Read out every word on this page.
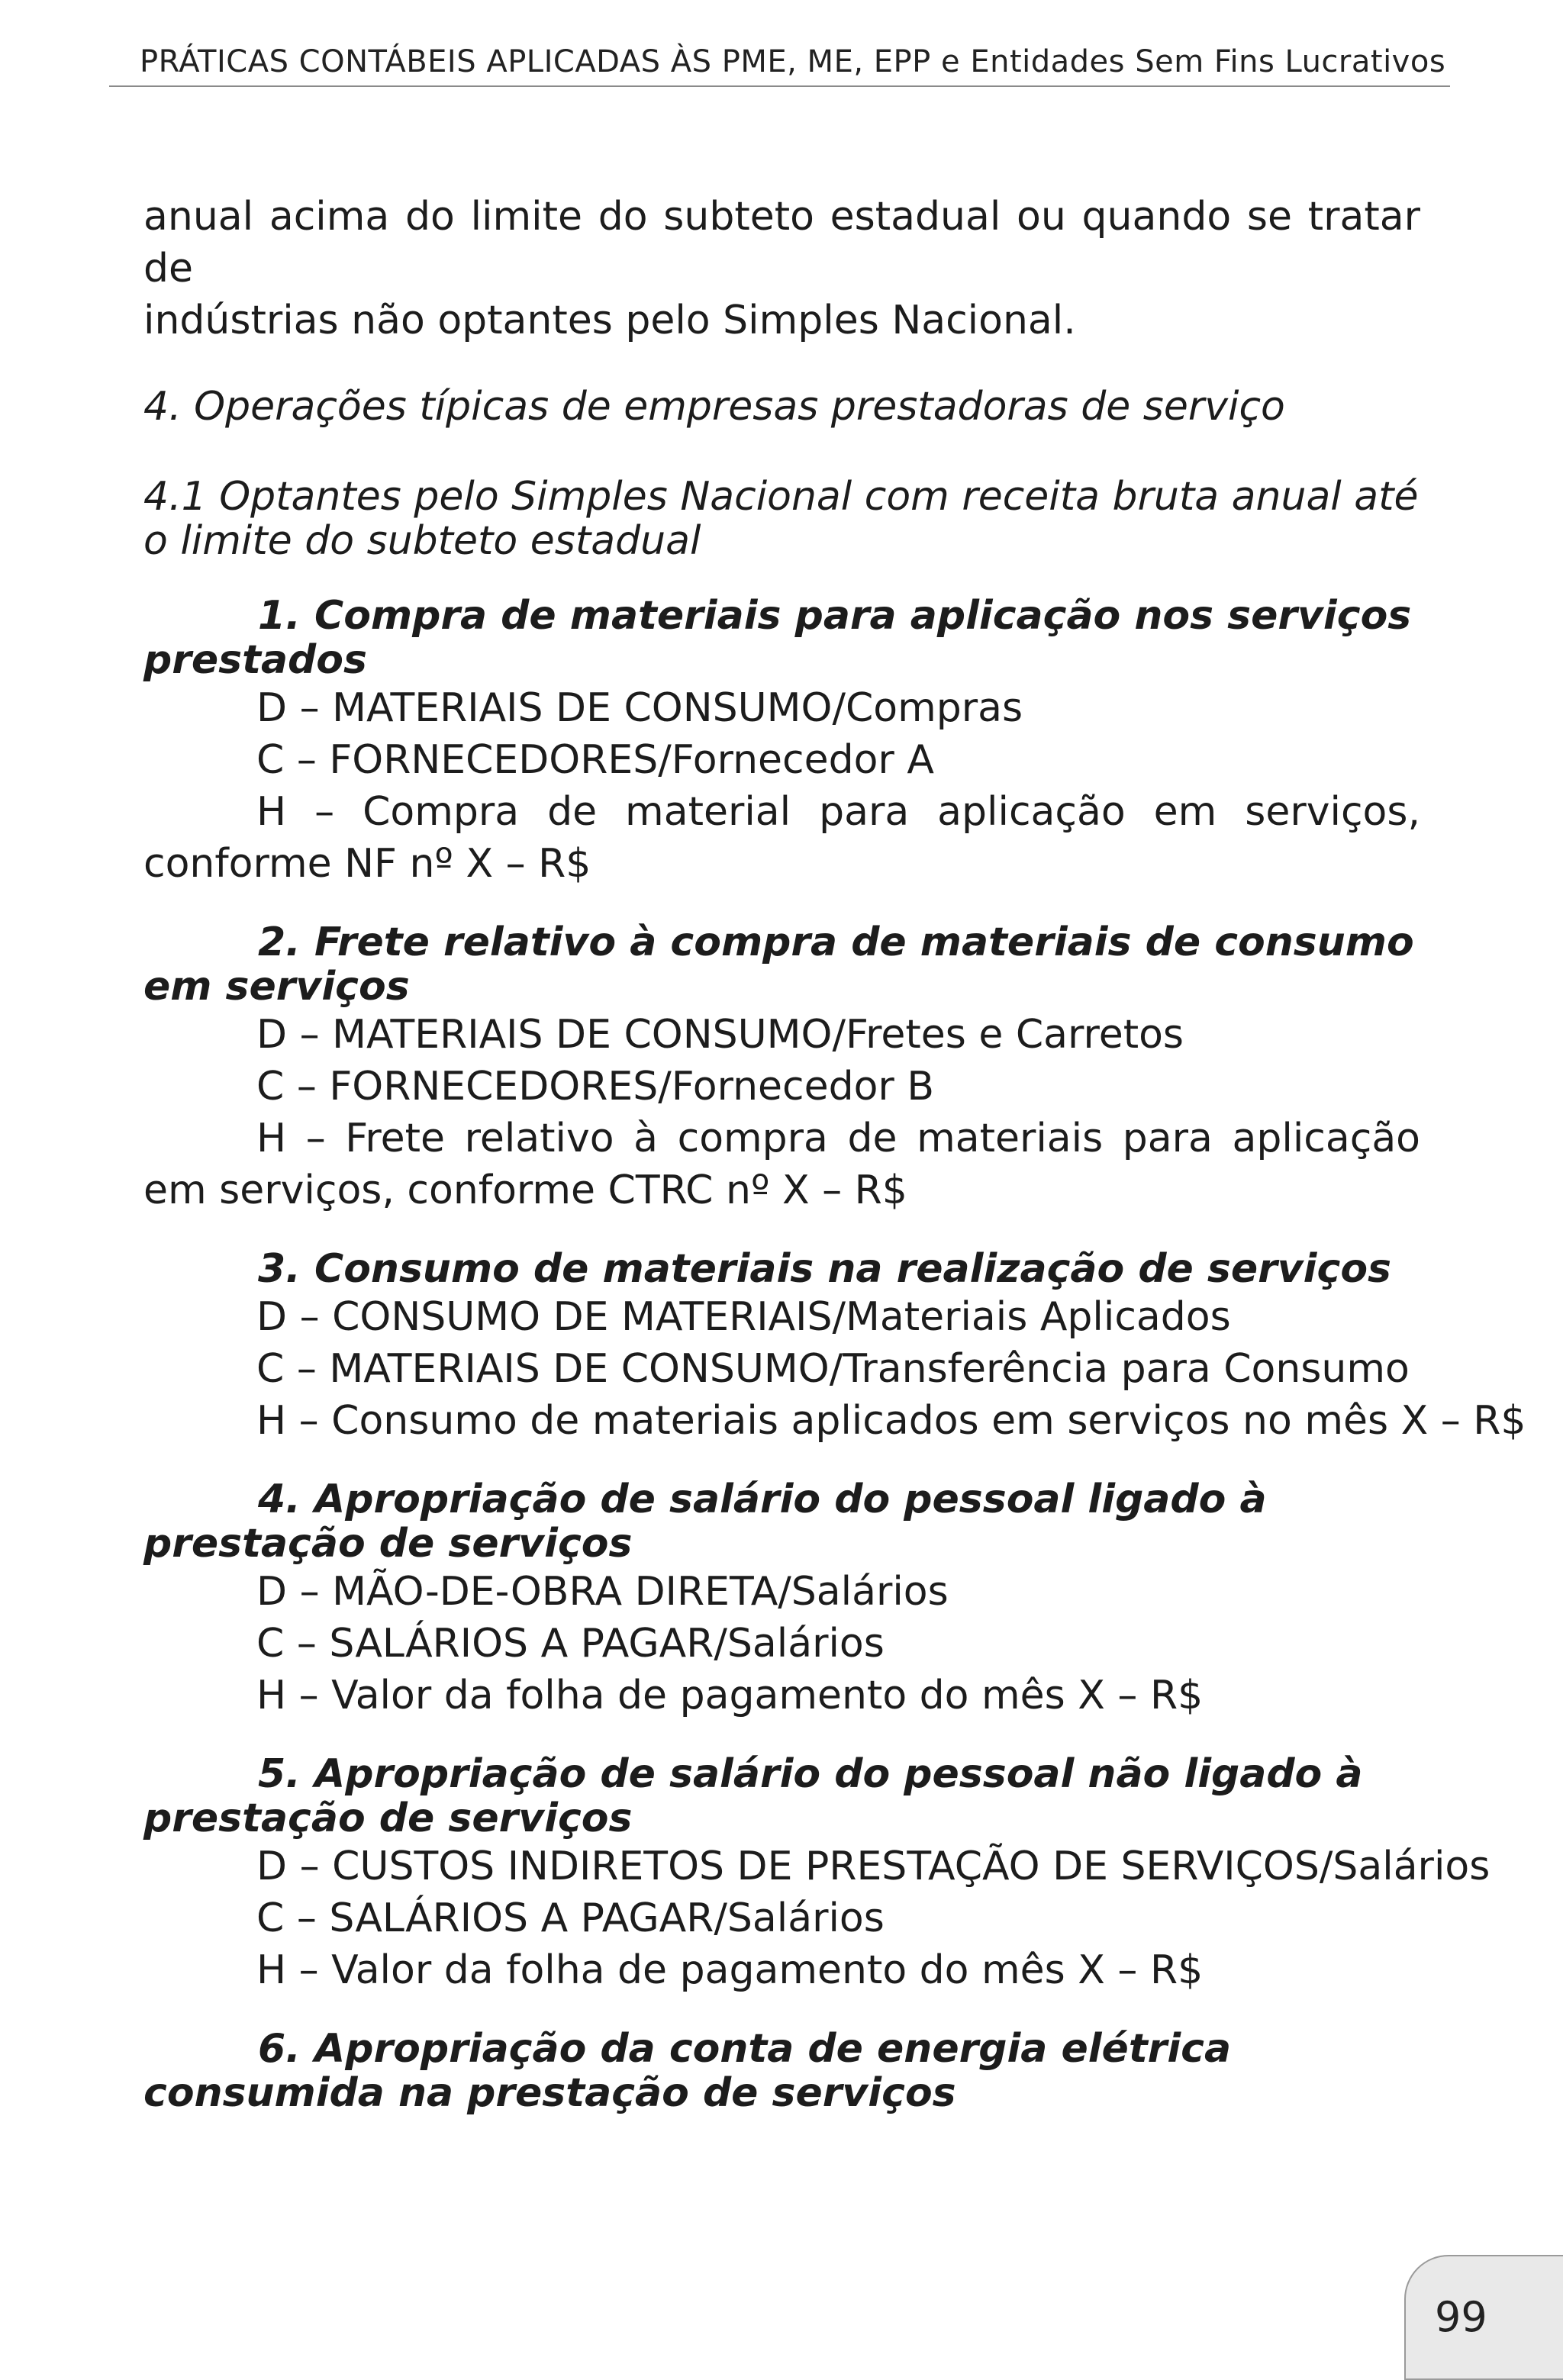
PRÁTICAS CONTÁBEIS APLICADAS ÀS PME, ME, EPP e Entidades Sem Fins Lucrativos

anual acima do limite do subteto estadual ou quando se tratar de

indústrias não optantes pelo Simples Nacional.

4. Operações típicas de empresas prestadoras de serviço

4.1 Optantes pelo Simples Nacional com receita bruta anual até o limite do subteto estadual

1. Compra de materiais para aplicação nos serviços prestados

D – MATERIAIS DE CONSUMO/Compras

C – FORNECEDORES/Fornecedor A

H – Compra de material para aplicação em serviços, conforme NF nº X – R$

2. Frete relativo à compra de materiais de consumo em serviços

D – MATERIAIS DE CONSUMO/Fretes e Carretos

C – FORNECEDORES/Fornecedor B

H – Frete relativo à compra de materiais para aplicação em serviços, conforme CTRC nº X – R$

3. Consumo de materiais na realização de serviços

D – CONSUMO DE MATERIAIS/Materiais Aplicados

C – MATERIAIS DE CONSUMO/Transferência para Consumo

H – Consumo de materiais aplicados em serviços no mês X – R$

4. Apropriação de salário do pessoal ligado à prestação de serviços

D – MÃO-DE-OBRA DIRETA/Salários

C – SALÁRIOS A PAGAR/Salários

H – Valor da folha de pagamento do mês X – R$

5. Apropriação de salário do pessoal não ligado à prestação de serviços

D – CUSTOS INDIRETOS DE PRESTAÇÃO DE SERVIÇOS/Salários

C – SALÁRIOS A PAGAR/Salários

H – Valor da folha de pagamento do mês X – R$

6. Apropriação da conta de energia elétrica consumida na prestação de serviços

99
